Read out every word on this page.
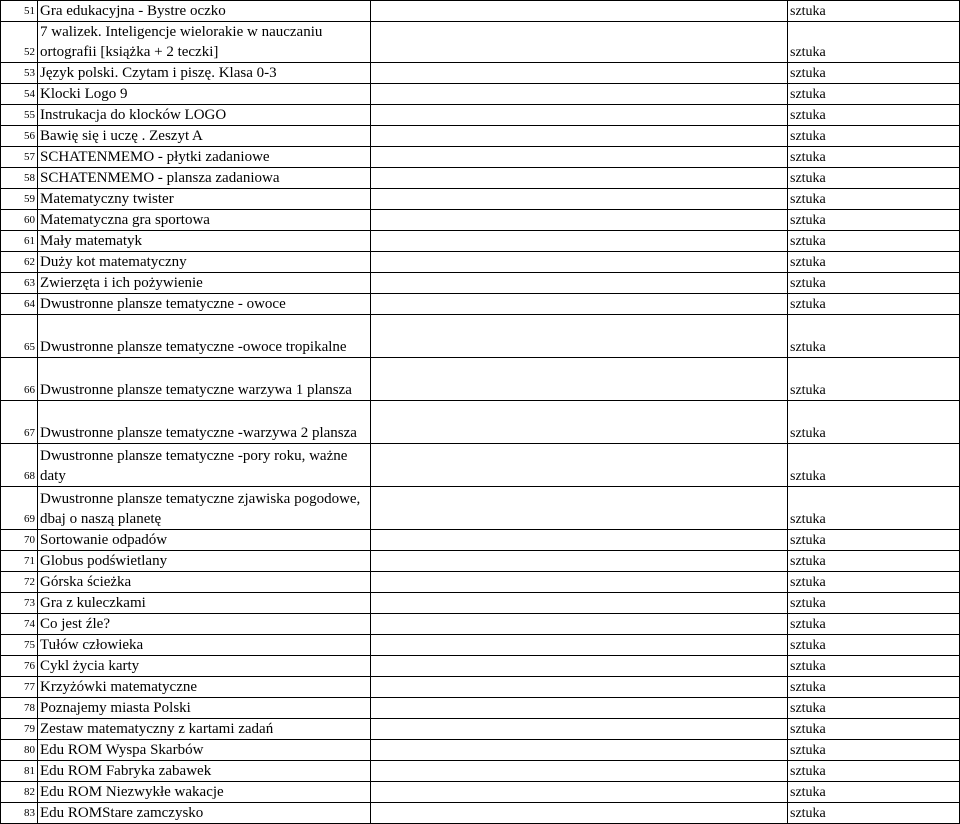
51	Gra edukacyjna - Bystre oczko		sztuka
52	7 walizek. Inteligencje wielorakie w nauczaniu ortografii [książka + 2 teczki]		sztuka
53	Język polski. Czytam i piszę. Klasa 0-3		sztuka
54	Klocki Logo 9		sztuka
55	Instrukacja do klocków LOGO		sztuka
56	Bawię się i uczę . Zeszyt A		sztuka
57	SCHATENMEMO - płytki zadaniowe		sztuka
58	SCHATENMEMO - plansza zadaniowa		sztuka
59	Matematyczny twister		sztuka
60	Matematyczna gra sportowa		sztuka
61	Mały matematyk		sztuka
62	Duży kot matematyczny		sztuka
63	Zwierzęta i ich pożywienie		sztuka
64	Dwustronne plansze tematyczne - owoce		sztuka
65	Dwustronne plansze tematyczne -owoce tropikalne		sztuka
66	Dwustronne plansze tematyczne warzywa 1 plansza		sztuka
67	Dwustronne plansze tematyczne -warzywa 2 plansza		sztuka
68	Dwustronne plansze tematyczne -pory roku, ważne daty		sztuka
69	Dwustronne plansze tematyczne zjawiska pogodowe, dbaj o naszą planetę		sztuka
70	Sortowanie odpadów		sztuka
71	Globus podświetlany		sztuka
72	Górska ścieżka		sztuka
73	Gra z kuleczkami		sztuka
74	Co jest źle?		sztuka
75	Tułów człowieka		sztuka
76	Cykl życia karty		sztuka
77	Krzyżówki matematyczne		sztuka
78	Poznajemy miasta Polski		sztuka
79	Zestaw matematyczny z kartami zadań		sztuka
80	Edu ROM Wyspa Skarbów		sztuka
81	Edu ROM Fabryka zabawek		sztuka
82	Edu ROM Niezwykłe wakacje		sztuka
83	Edu ROMStare zamczysko		sztuka
